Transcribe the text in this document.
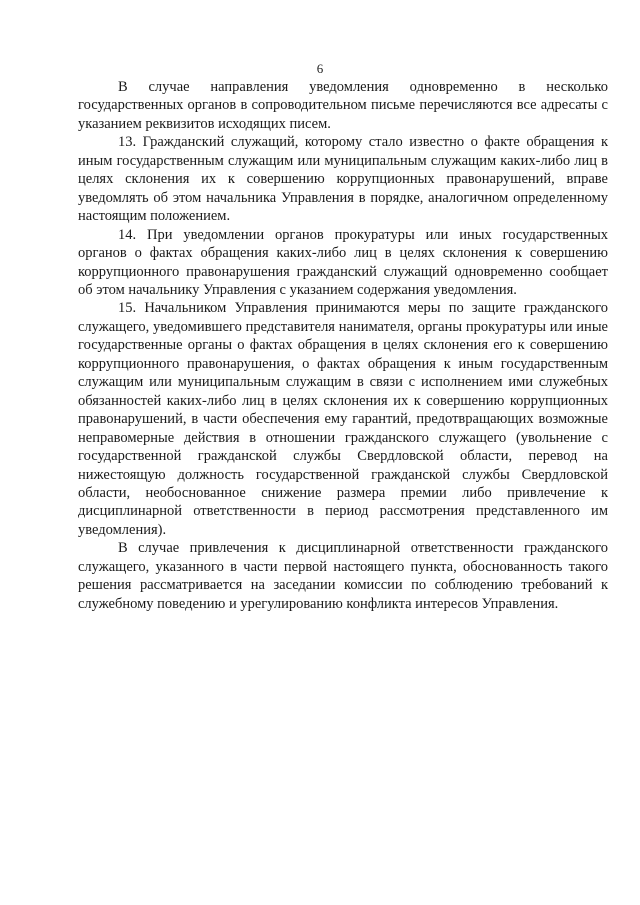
6

В случае направления уведомления одновременно в несколько государственных органов в сопроводительном письме перечисляются все адресаты с указанием реквизитов исходящих писем.

13. Гражданский служащий, которому стало известно о факте обращения к иным государственным служащим или муниципальным служащим каких-либо лиц в целях склонения их к совершению коррупционных правонарушений, вправе уведомлять об этом начальника Управления в порядке, аналогичном определенному настоящим положением.

14. При уведомлении органов прокуратуры или иных государственных органов о фактах обращения каких-либо лиц в целях склонения к совершению коррупционного правонарушения гражданский служащий одновременно сообщает об этом начальнику Управления с указанием содержания уведомления.

15. Начальником Управления принимаются меры по защите гражданского служащего, уведомившего представителя нанимателя, органы прокуратуры или иные государственные органы о фактах обращения в целях склонения его к совершению коррупционного правонарушения, о фактах обращения к иным государственным служащим или муниципальным служащим в связи с исполнением ими служебных обязанностей каких-либо лиц в целях склонения их к совершению коррупционных правонарушений, в части обеспечения ему гарантий, предотвращающих возможные неправомерные действия в отношении гражданского служащего (увольнение с государственной гражданской службы Свердловской области, перевод на нижестоящую должность государственной гражданской службы Свердловской области, необоснованное снижение размера премии либо привлечение к дисциплинарной ответственности в период рассмотрения представленного им уведомления).

В случае привлечения к дисциплинарной ответственности гражданского служащего, указанного в части первой настоящего пункта, обоснованность такого решения рассматривается на заседании комиссии по соблюдению требований к служебному поведению и урегулированию конфликта интересов Управления.
